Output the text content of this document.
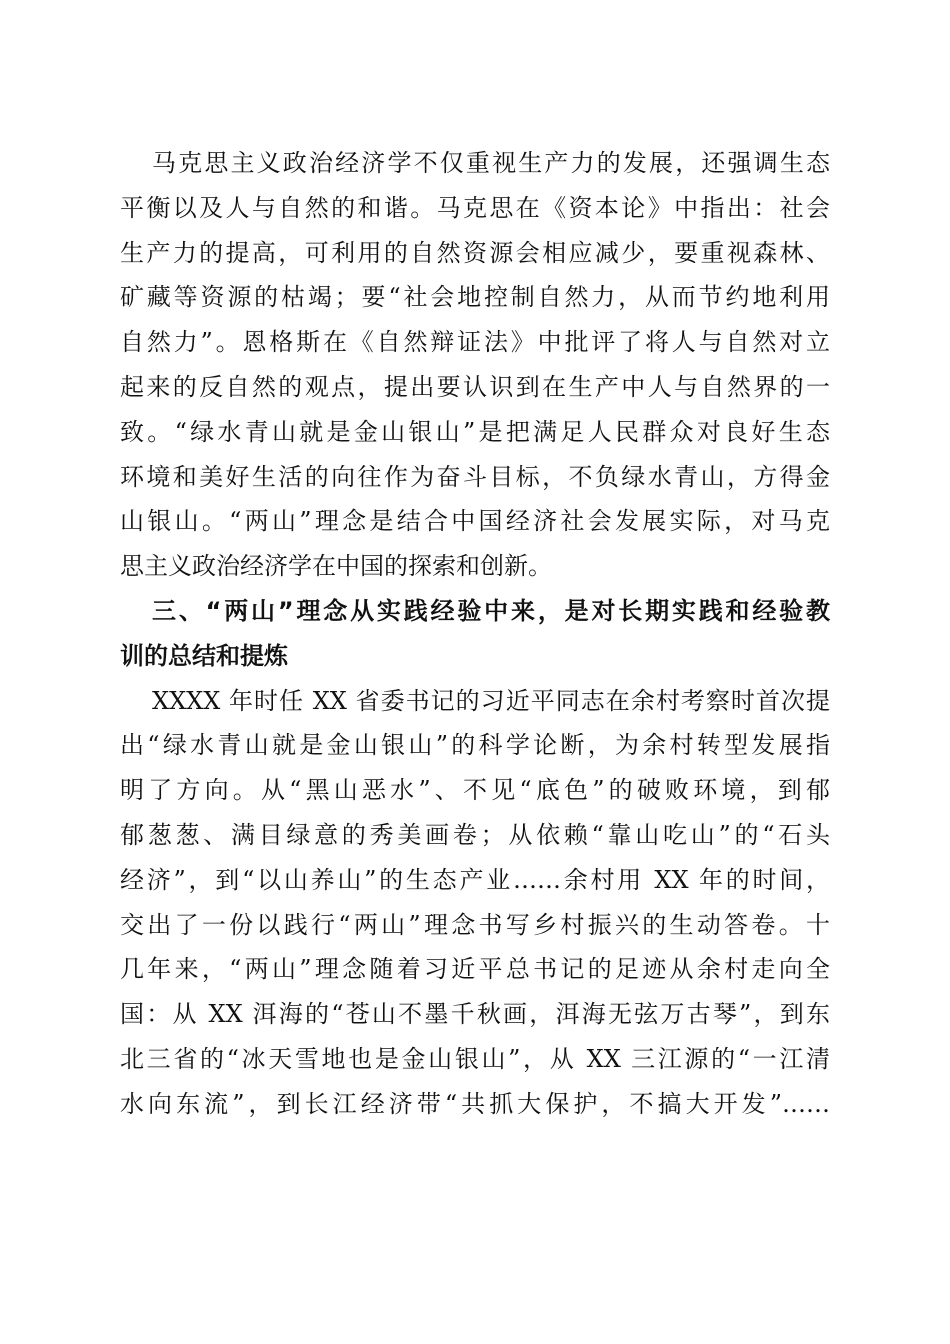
马克思主义政治经济学不仅重视生产力的发展，还强调生态
平衡以及人与自然的和谐。马克思在《资本论》中指出：社会
生产力的提高，可利用的自然资源会相应减少，要重视森林、
矿藏等资源的枯竭；要“社会地控制自然力，从而节约地利用
自然力”。恩格斯在《自然辩证法》中批评了将人与自然对立
起来的反自然的观点，提出要认识到在生产中人与自然界的一
致。“绿水青山就是金山银山”是把满足人民群众对良好生态
环境和美好生活的向往作为奋斗目标，不负绿水青山，方得金
山银山。“两山”理念是结合中国经济社会发展实际，对马克
思主义政治经济学在中国的探索和创新。
三、“两山”理念从实践经验中来，是对长期实践和经验教
训的总结和提炼
XXXX 年时任 XX 省委书记的习近平同志在余村考察时首次提
出“绿水青山就是金山银山”的科学论断，为余村转型发展指
明了方向。从“黑山恶水”、不见“底色”的破败环境，到郁
郁葱葱、满目绿意的秀美画卷；从依赖“靠山吃山”的“石头
经济”，到“以山养山”的生态产业……余村用 XX 年的时间，
交出了一份以践行“两山”理念书写乡村振兴的生动答卷。十
几年来，“两山”理念随着习近平总书记的足迹从余村走向全
国：从 XX 洱海的“苍山不墨千秋画，洱海无弦万古琴”，到东
北三省的“冰天雪地也是金山银山”，从 XX 三江源的“一江清
水向东流”，到长江经济带“共抓大保护，不搞大开发”……
